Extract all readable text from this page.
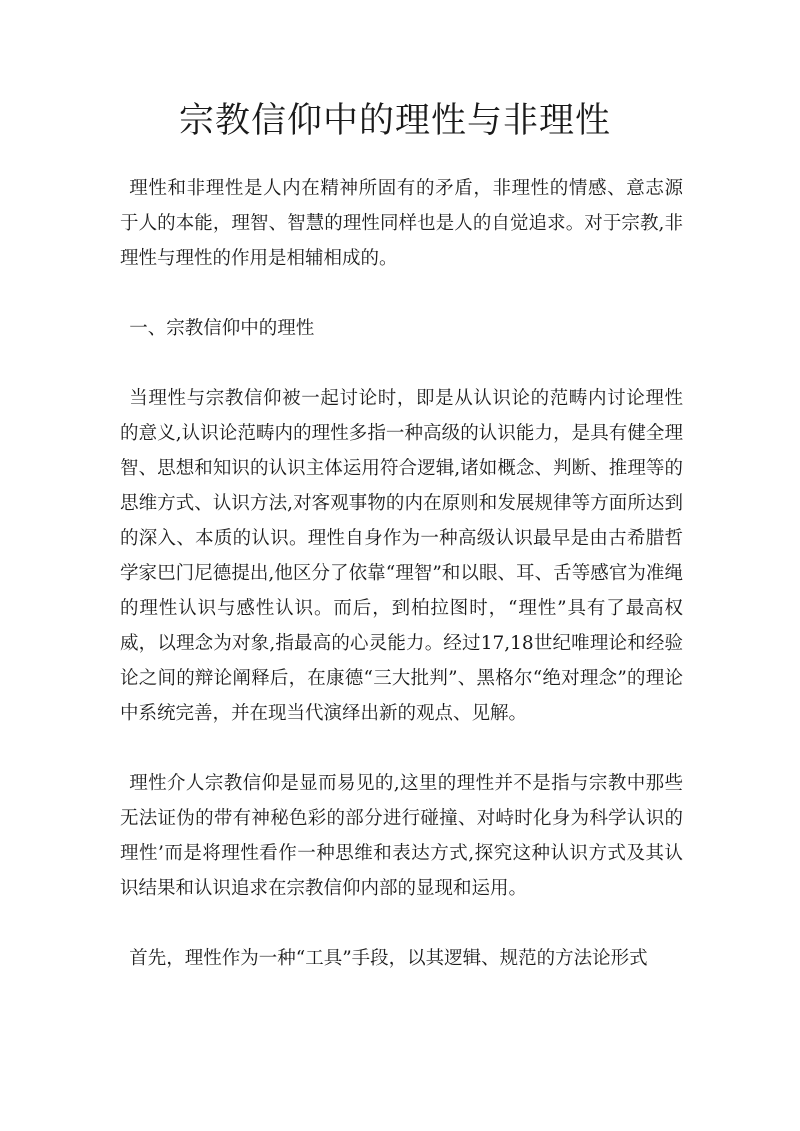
宗教信仰中的理性与非理性

理性和非理性是人内在精神所固有的矛盾，非理性的情感、意志源于人的本能，理智、智慧的理性同样也是人的自觉追求。对于宗教,非理性与理性的作用是相辅相成的。

一、宗教信仰中的理性

当理性与宗教信仰被一起讨论时，即是从认识论的范畴内讨论理性的意义,认识论范畴内的理性多指一种高级的认识能力，是具有健全理智、思想和知识的认识主体运用符合逻辑,诸如概念、判断、推理等的思维方式、认识方法,对客观事物的内在原则和发展规律等方面所达到的深入、本质的认识。理性自身作为一种高级认识最早是由古希腊哲学家巴门尼德提出,他区分了依靠“理智”和以眼、耳、舌等感官为准绳的理性认识与感性认识。而后，到柏拉图时，“理性”具有了最高权威，以理念为对象,指最高的心灵能力。经过17,18世纪唯理论和经验论之间的辩论阐释后，在康德“三大批判”、黑格尔“绝对理念”的理论中系统完善，并在现当代演绎出新的观点、见解。

理性介人宗教信仰是显而易见的,这里的理性并不是指与宗教中那些无法证伪的带有神秘色彩的部分进行碰撞、对峙时化身为科学认识的理性’而是将理性看作一种思维和表达方式,探究这种认识方式及其认识结果和认识追求在宗教信仰内部的显现和运用。

首先，理性作为一种“工具”手段，以其逻辑、规范的方法论形式
